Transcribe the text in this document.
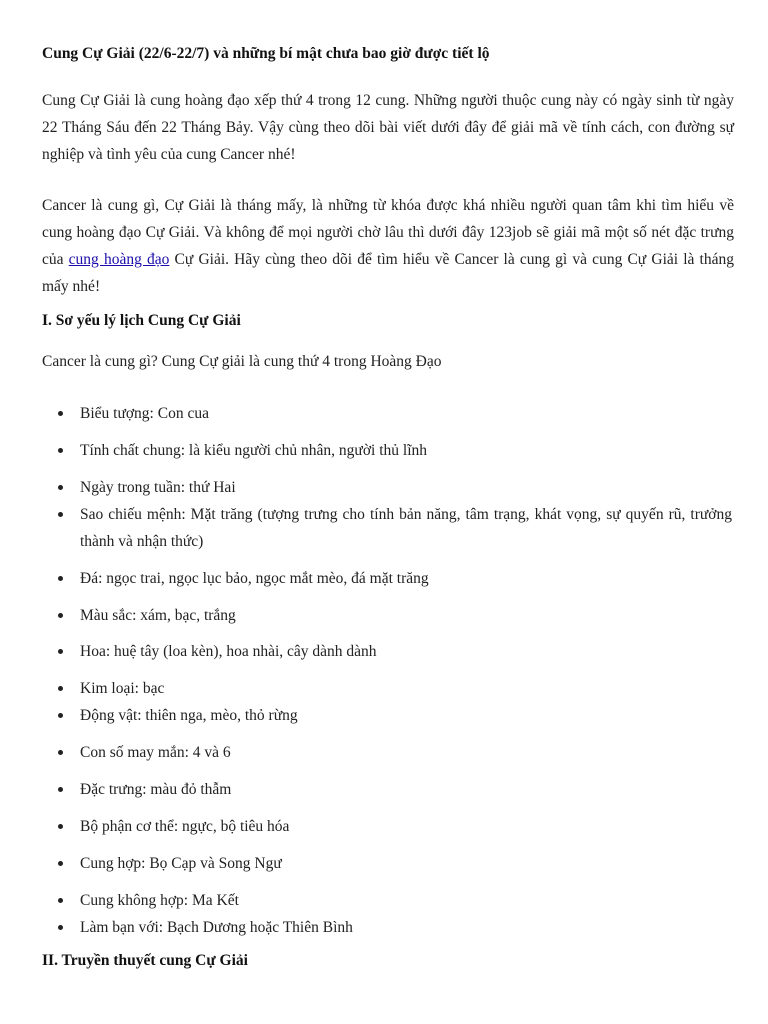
Cung Cự Giải (22/6-22/7) và những bí mật chưa bao giờ được tiết lộ

Cung Cự Giải là cung hoàng đạo xếp thứ 4 trong 12 cung. Những người thuộc cung này có ngày sinh từ ngày 22 Tháng Sáu đến 22 Tháng Bảy. Vậy cùng theo dõi bài viết dưới đây để giải mã về tính cách, con đường sự nghiệp và tình yêu của cung Cancer nhé!

Cancer là cung gì, Cự Giải là tháng mấy, là những từ khóa được khá nhiều người quan tâm khi tìm hiểu về cung hoàng đạo Cự Giải. Và không để mọi người chờ lâu thì dưới đây 123job sẽ giải mã một số nét đặc trưng của cung hoàng đạo Cự Giải. Hãy cùng theo dõi để tìm hiểu về Cancer là cung gì và cung Cự Giải là tháng mấy nhé!

I. Sơ yếu lý lịch Cung Cự Giải

Cancer là cung gì? Cung Cự giải là cung thứ 4 trong Hoàng Đạo

Biểu tượng: Con cua
Tính chất chung: là kiểu người chủ nhân, người thủ lĩnh
Ngày trong tuần: thứ Hai
Sao chiếu mệnh: Mặt trăng (tượng trưng cho tính bản năng, tâm trạng, khát vọng, sự quyến rũ, trưởng thành và nhận thức)
Đá: ngọc trai, ngọc lục bảo, ngọc mắt mèo, đá mặt trăng
Màu sắc: xám, bạc, trắng
Hoa: huệ tây (loa kèn), hoa nhài, cây dành dành
Kim loại: bạc
Động vật: thiên nga, mèo, thỏ rừng
Con số may mắn: 4 và 6
Đặc trưng: màu đỏ thẫm
Bộ phận cơ thể: ngực, bộ tiêu hóa
Cung hợp: Bọ Cạp và Song Ngư
Cung không hợp: Ma Kết
Làm bạn với: Bạch Dương hoặc Thiên Bình
II. Truyền thuyết cung Cự Giải
